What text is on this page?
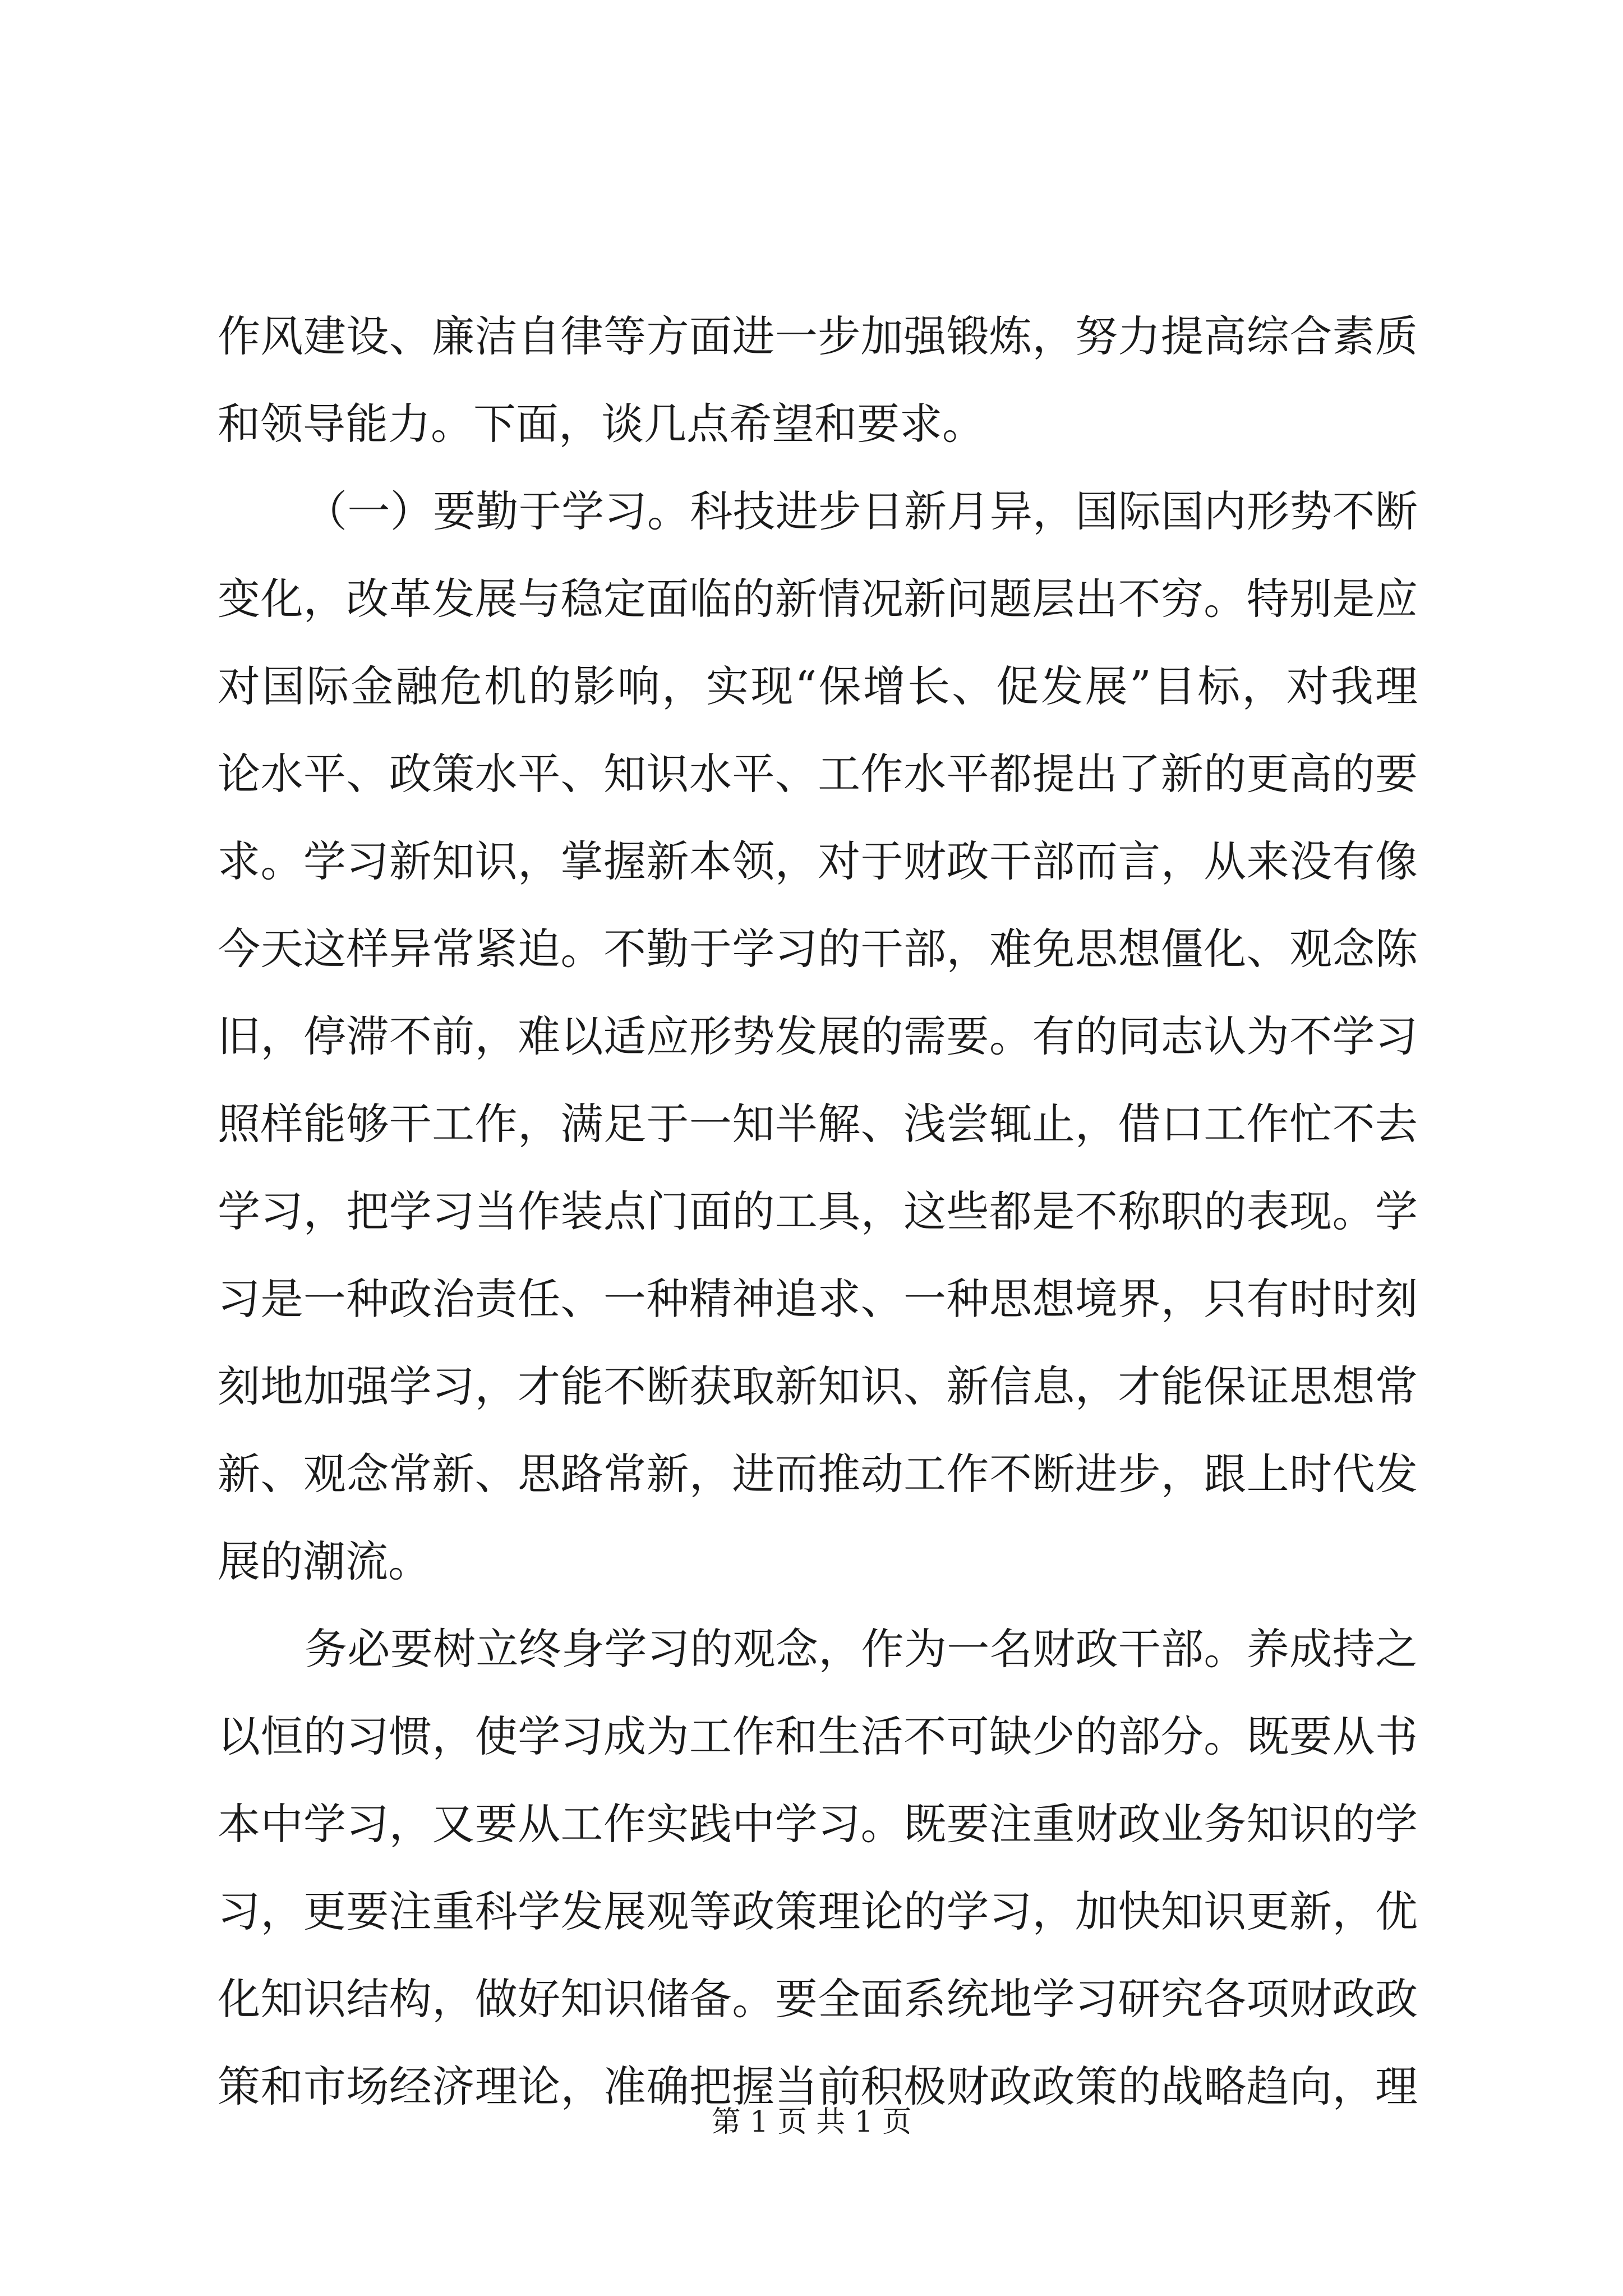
作风建设、廉洁自律等方面进一步加强锻炼，努力提高综合素质
和领导能力。下面，谈几点希望和要求。
（一）要勤于学习。科技进步日新月异，国际国内形势不断
变化，改革发展与稳定面临的新情况新问题层出不穷。特别是应
对国际金融危机的影响，实现“保增长、促发展”目标，对我理
论水平、政策水平、知识水平、工作水平都提出了新的更高的要
求。学习新知识，掌握新本领，对于财政干部而言，从来没有像
今天这样异常紧迫。不勤于学习的干部，难免思想僵化、观念陈
旧，停滞不前，难以适应形势发展的需要。有的同志认为不学习
照样能够干工作，满足于一知半解、浅尝辄止，借口工作忙不去
学习，把学习当作装点门面的工具，这些都是不称职的表现。学
习是一种政治责任、一种精神追求、一种思想境界，只有时时刻
刻地加强学习，才能不断获取新知识、新信息，才能保证思想常
新、观念常新、思路常新，进而推动工作不断进步，跟上时代发
展的潮流。
务必要树立终身学习的观念，作为一名财政干部。养成持之
以恒的习惯，使学习成为工作和生活不可缺少的部分。既要从书
本中学习，又要从工作实践中学习。既要注重财政业务知识的学
习，更要注重科学发展观等政策理论的学习，加快知识更新，优
化知识结构，做好知识储备。要全面系统地学习研究各项财政政
策和市场经济理论，准确把握当前积极财政政策的战略趋向，理
第 1 页 共 1 页
